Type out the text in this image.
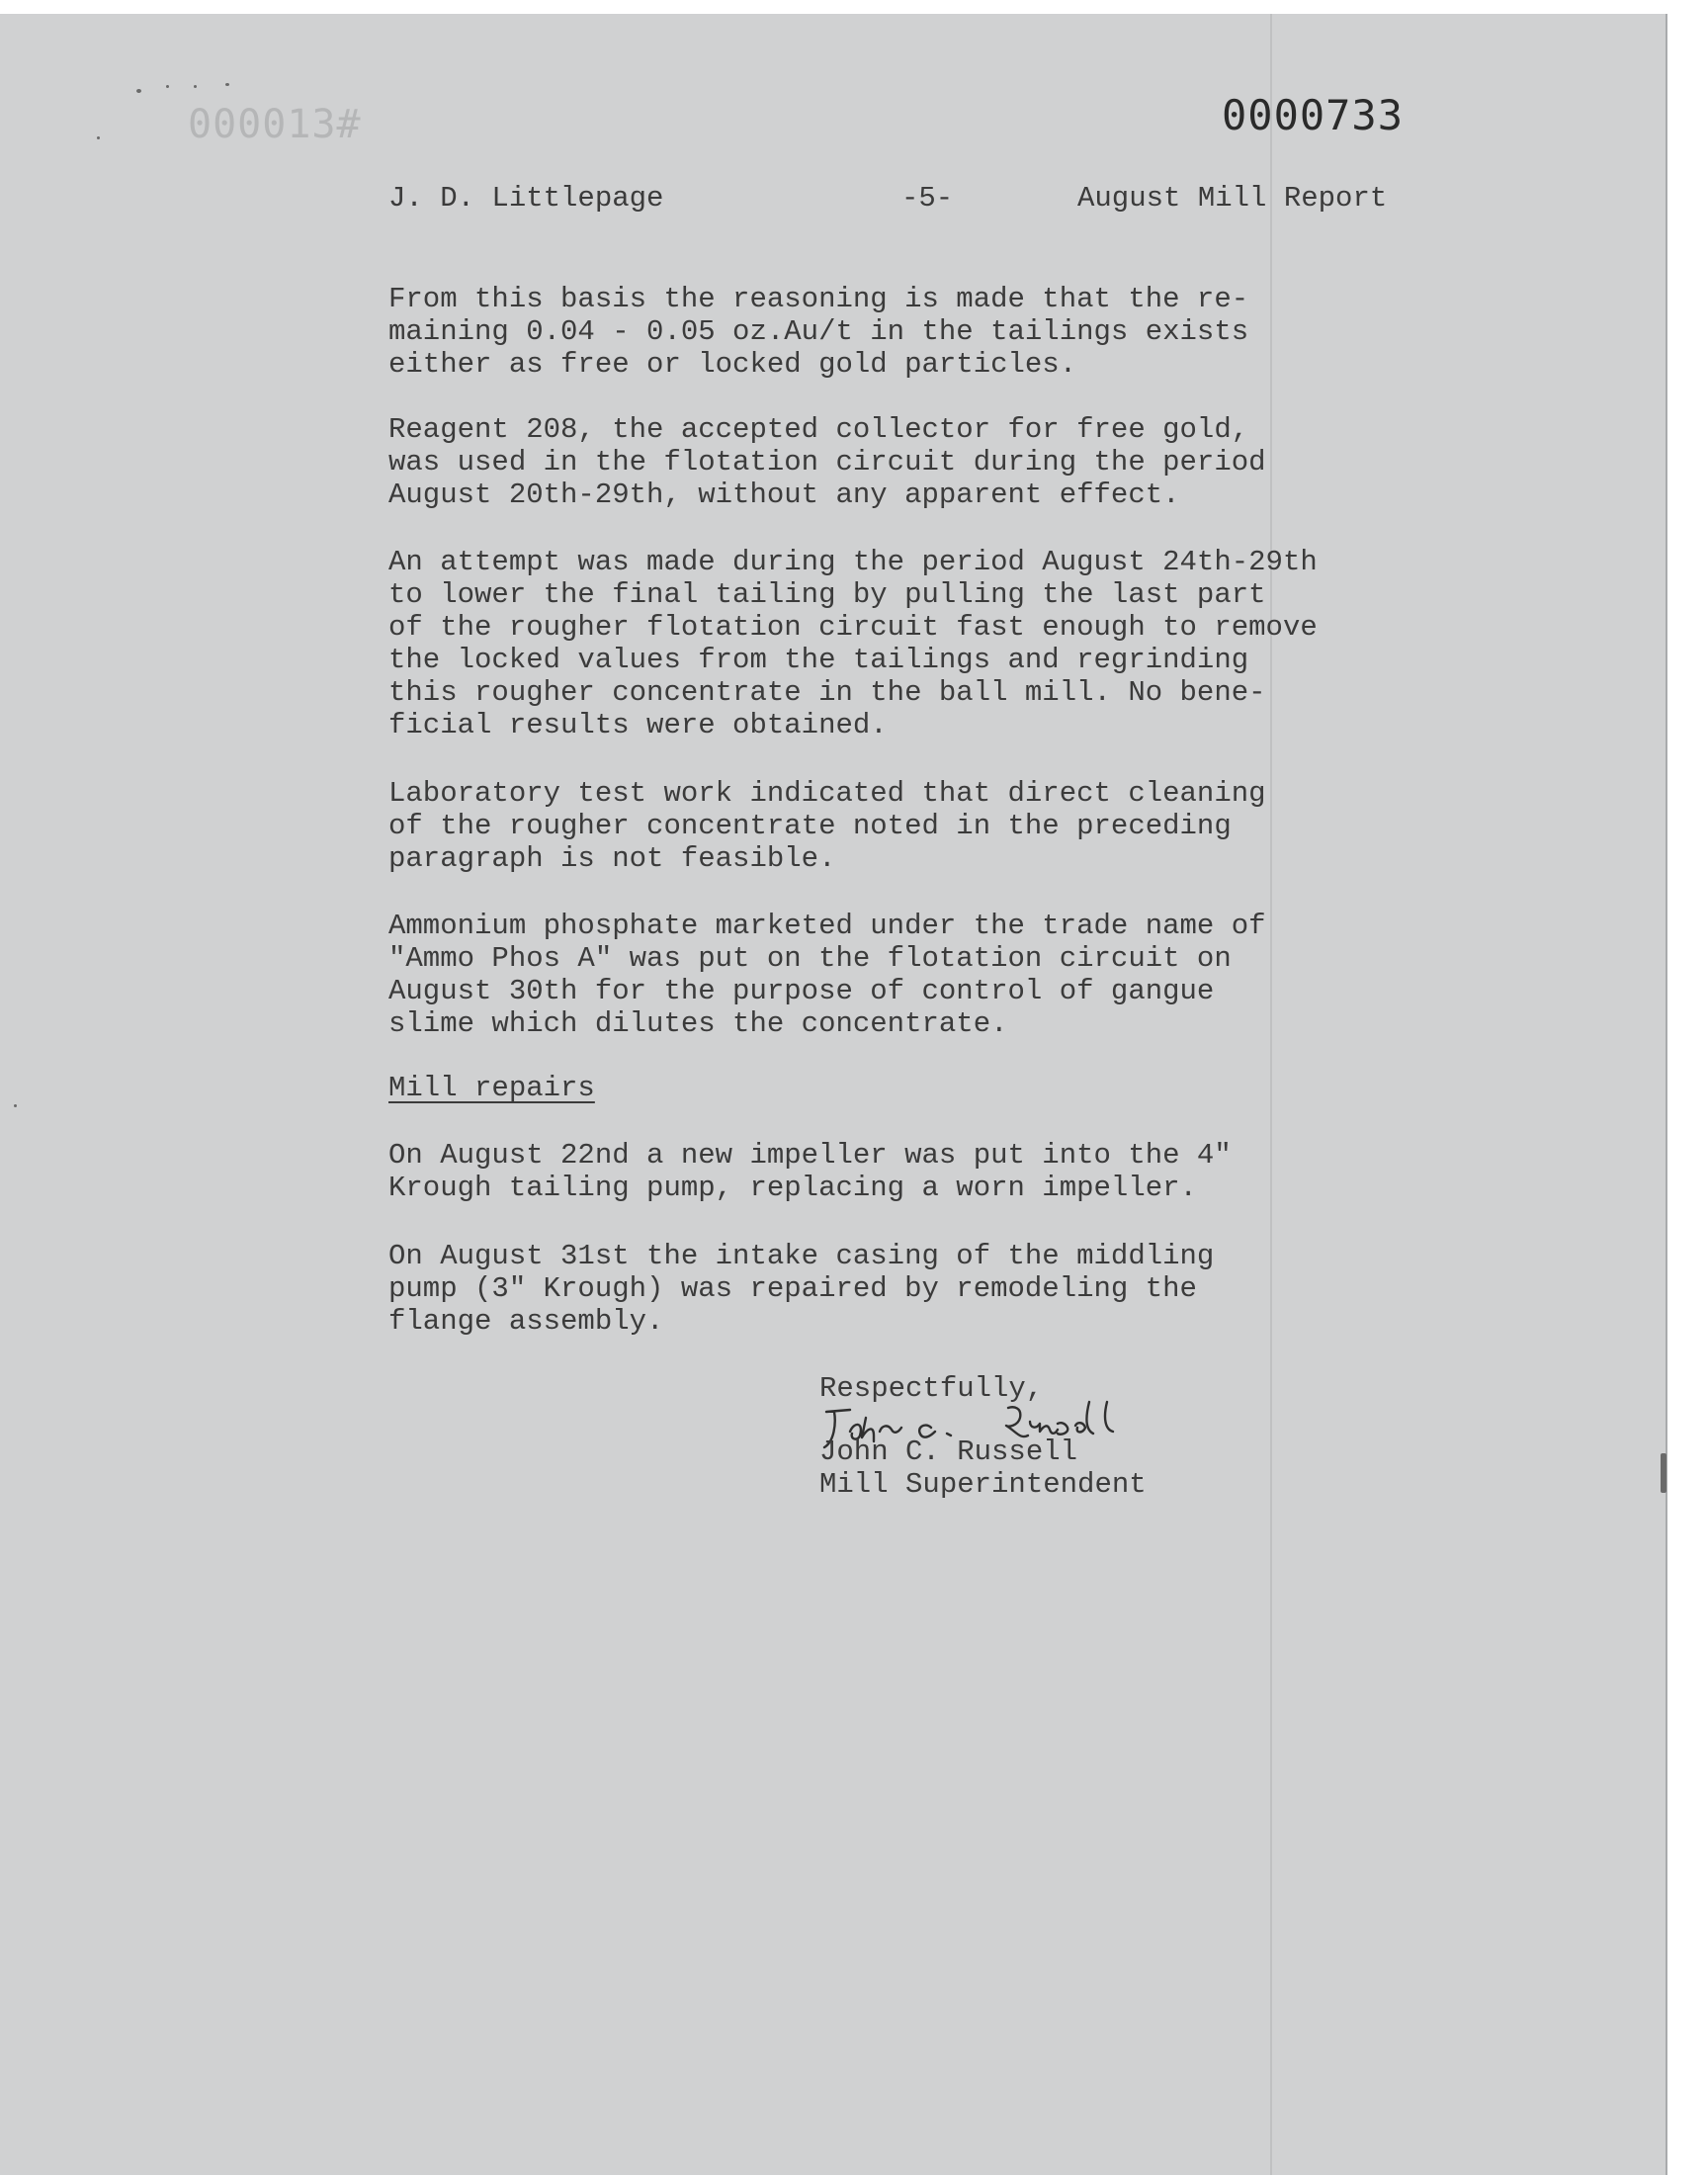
000013#	0000733
J. D. Littlepage	-5-	August Mill Report

From this basis the reasoning is made that the re-
maining 0.04 - 0.05 oz.Au/t in the tailings exists
either as free or locked gold particles.

Reagent 208, the accepted collector for free gold,
was used in the flotation circuit during the period
August 20th-29th, without any apparent effect.

An attempt was made during the period August 24th-29th
to lower the final tailing by pulling the last part
of the rougher flotation circuit fast enough to remove
the locked values from the tailings and regrinding
this rougher concentrate in the ball mill. No bene-
ficial results were obtained.

Laboratory test work indicated that direct cleaning
of the rougher concentrate noted in the preceding
paragraph is not feasible.

Ammonium phosphate marketed under the trade name of
"Ammo Phos A" was put on the flotation circuit on
August 30th for the purpose of control of gangue
slime which dilutes the concentrate.

Mill repairs

On August 22nd a new impeller was put into the 4"
Krough tailing pump, replacing a worn impeller.

On August 31st the intake casing of the middling
pump (3" Krough) was repaired by remodeling the
flange assembly.

Respectfully,
John C. Russell
Mill Superintendent
